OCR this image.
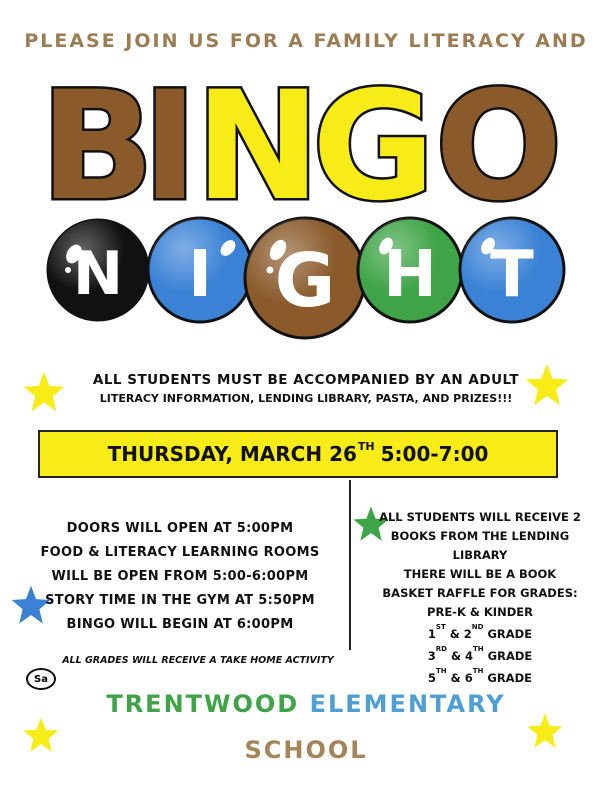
PLEASE JOIN US FOR A FAMILY LITERACY AND
B
I
N
G O
N I G H T
ALL STUDENTS MUST BE ACCOMPANIED BY AN ADULT
LITERACY INFORMATION, LENDING LIBRARY, PASTA, AND PRIZES!!!
THURSDAY, MARCH 26TH 5:00-7:00
DOORS WILL OPEN AT 5:00PM
FOOD & LITERACY LEARNING ROOMS
WILL BE OPEN FROM 5:00-6:00PM
STORY TIME IN THE GYM AT 5:50PM
BINGO WILL BEGIN AT 6:00PM
ALL STUDENTS WILL RECEIVE 2
BOOKS FROM THE LENDING
LIBRARY
THERE WILL BE A BOOK
BASKET RAFFLE FOR GRADES:
PRE-K & KINDER
1ST & 2ND GRADE
3RD & 4TH GRADE
5TH & 6TH GRADE
ALL GRADES WILL RECEIVE A TAKE HOME ACTIVITY
Sa
TRENTWOOD ELEMENTARY
SCHOOL
